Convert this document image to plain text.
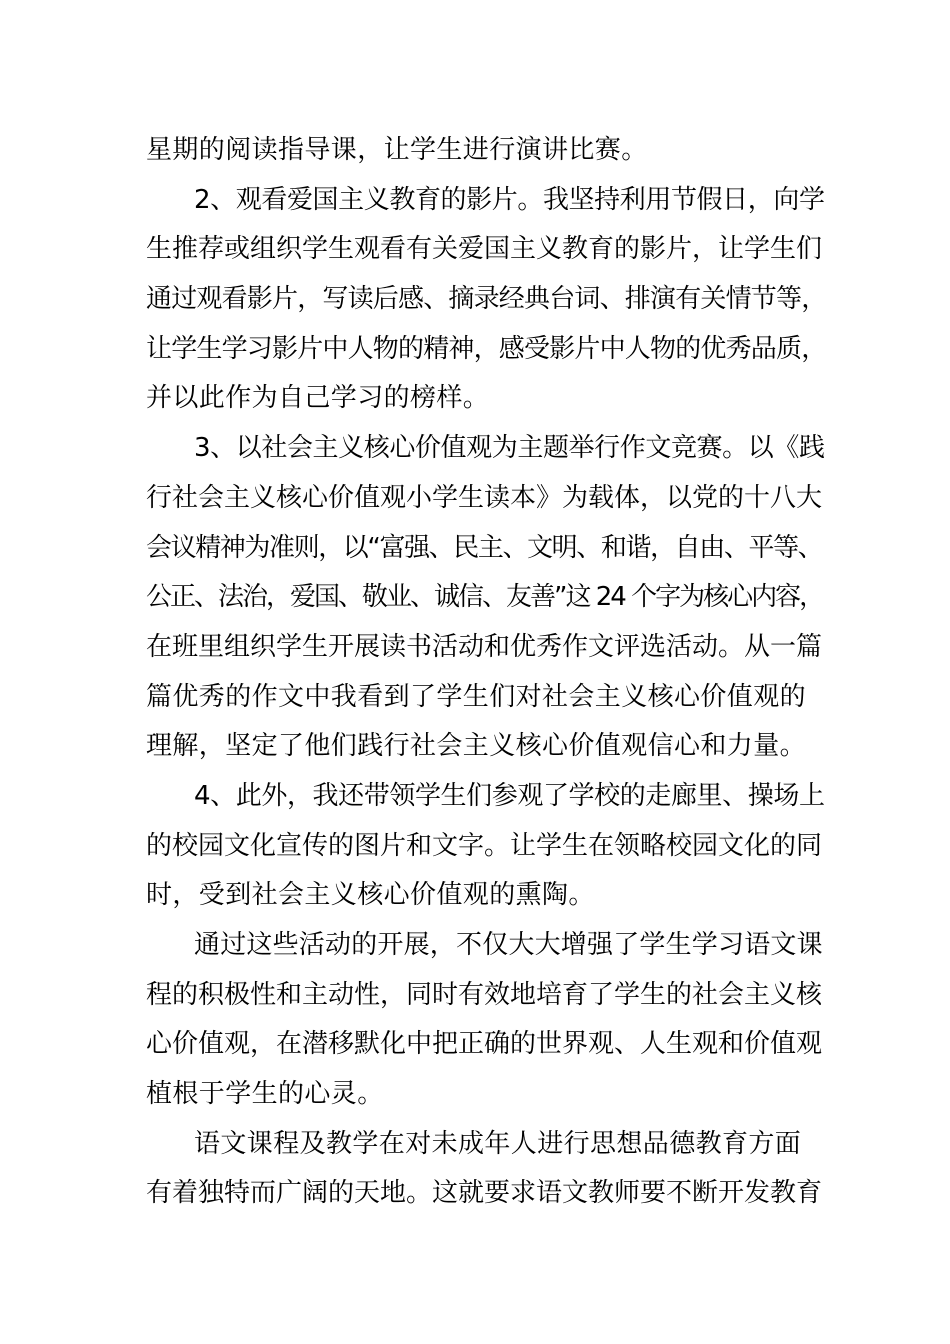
星期的阅读指导课，让学生进行演讲比赛。
2、观看爱国主义教育的影片。我坚持利用节假日，向学
生推荐或组织学生观看有关爱国主义教育的影片，让学生们
通过观看影片，写读后感、摘录经典台词、排演有关情节等，
让学生学习影片中人物的精神，感受影片中人物的优秀品质，
并以此作为自己学习的榜样。
3、以社会主义核心价值观为主题举行作文竞赛。以《践
行社会主义核心价值观小学生读本》为载体，以党的十八大
会议精神为准则，以“富强、民主、文明、和谐，自由、平等、
公正、法治，爱国、敬业、诚信、友善”这 24 个字为核心内容，
在班里组织学生开展读书活动和优秀作文评选活动。从一篇
篇优秀的作文中我看到了学生们对社会主义核心价值观的
理解，坚定了他们践行社会主义核心价值观信心和力量。
4、此外，我还带领学生们参观了学校的走廊里、操场上
的校园文化宣传的图片和文字。让学生在领略校园文化的同
时，受到社会主义核心价值观的熏陶。
通过这些活动的开展，不仅大大增强了学生学习语文课
程的积极性和主动性，同时有效地培育了学生的社会主义核
心价值观，在潜移默化中把正确的世界观、人生观和价值观
植根于学生的心灵。
语文课程及教学在对未成年人进行思想品德教育方面
有着独特而广阔的天地。这就要求语文教师要不断开发教育
